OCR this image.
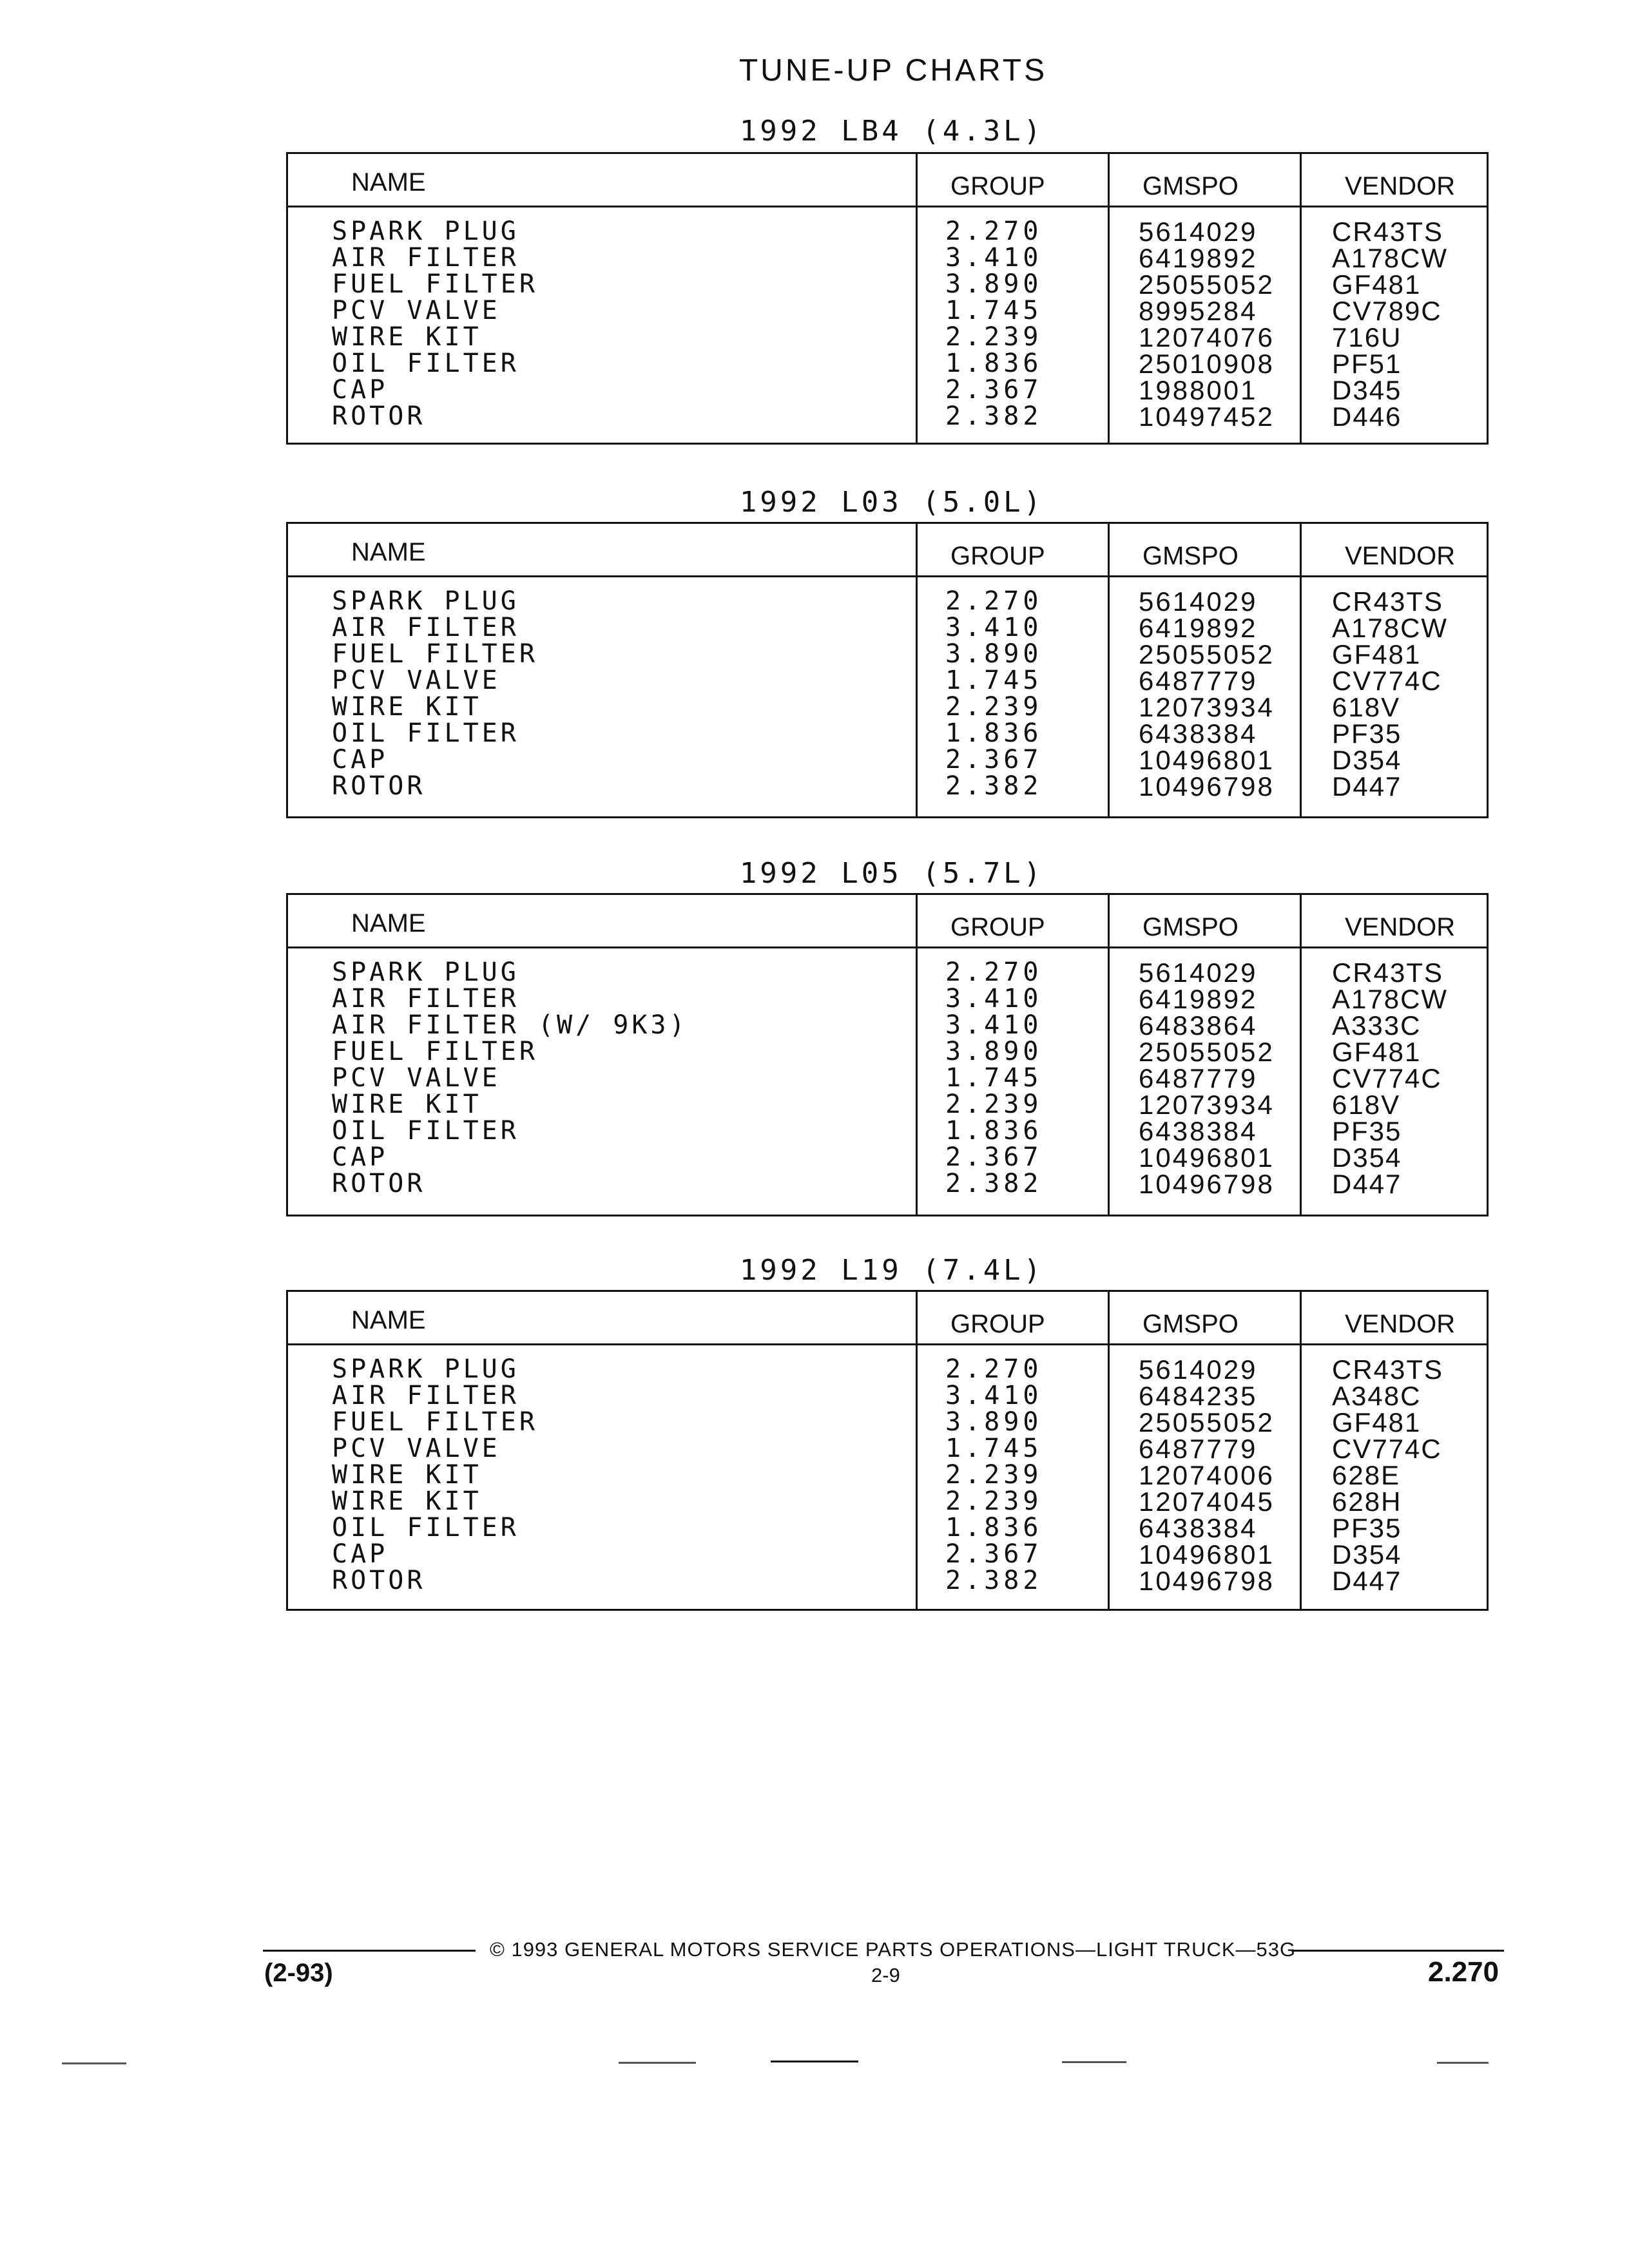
TUNE-UP CHARTS
1992 LB4 (4.3L)
NAME	GROUP	GMSPO	VENDOR
SPARK PLUG	2.270	5614029	CR43TS
AIR FILTER	3.410	6419892	A178CW
FUEL FILTER	3.890	25055052 GF481
PCV VALVE	1.745	8995284	CV789C
WIRE KIT	2.239	12074076 716U
OIL FILTER	1.836	25010908 PF51
CAP	2.367	1988001	D345
ROTOR	2.382	10497452 D446
1992 L03 (5.0L)
NAME	GROUP	GMSPO	VENDOR
SPARK PLUG	2.270	5614029	CR43TS
AIR FILTER	3.410	6419892	A178CW
FUEL FILTER	3.890	25055052 GF481
PCV VALVE	1.745	6487779	CV774C
WIRE KIT	2.239	12073934 618V
OIL FILTER	1.836	6438384	PF35
CAP	2.367	10496801 D354
ROTOR	2.382	10496798 D447
1992 L05 (5.7L)
NAME	GROUP	GMSPO	VENDOR
SPARK PLUG	2.270	5614029	CR43TS
AIR FILTER	3.410	6419892	A178CW
AIR FILTER (W/ 9K3)	3.410	6483864	A333C
FUEL FILTER	3.890	25055052 GF481
PCV VALVE	1.745	6487779	CV774C
WIRE KIT	2.239	12073934 618V
OIL FILTER	1.836	6438384	PF35
CAP	2.367	10496801 D354
ROTOR	2.382	10496798 D447
1992 L19 (7.4L)
NAME	GROUP	GMSPO	VENDOR
SPARK PLUG	2.270	5614029	CR43TS
AIR FILTER	3.410	6484235	A348C
FUEL FILTER	3.890	25055052 GF481
PCV VALVE	1.745	6487779	CV774C
WIRE KIT	2.239	12074006 628E
WIRE KIT	2.239	12074045 628H
OIL FILTER	1.836	6438384	PF35
CAP	2.367	10496801 D354
ROTOR	2.382	10496798 D447
© 1993 GENERAL MOTORS SERVICE PARTS OPERATIONS—LIGHT TRUCK—53G
(2-93)	2-9	2.270
